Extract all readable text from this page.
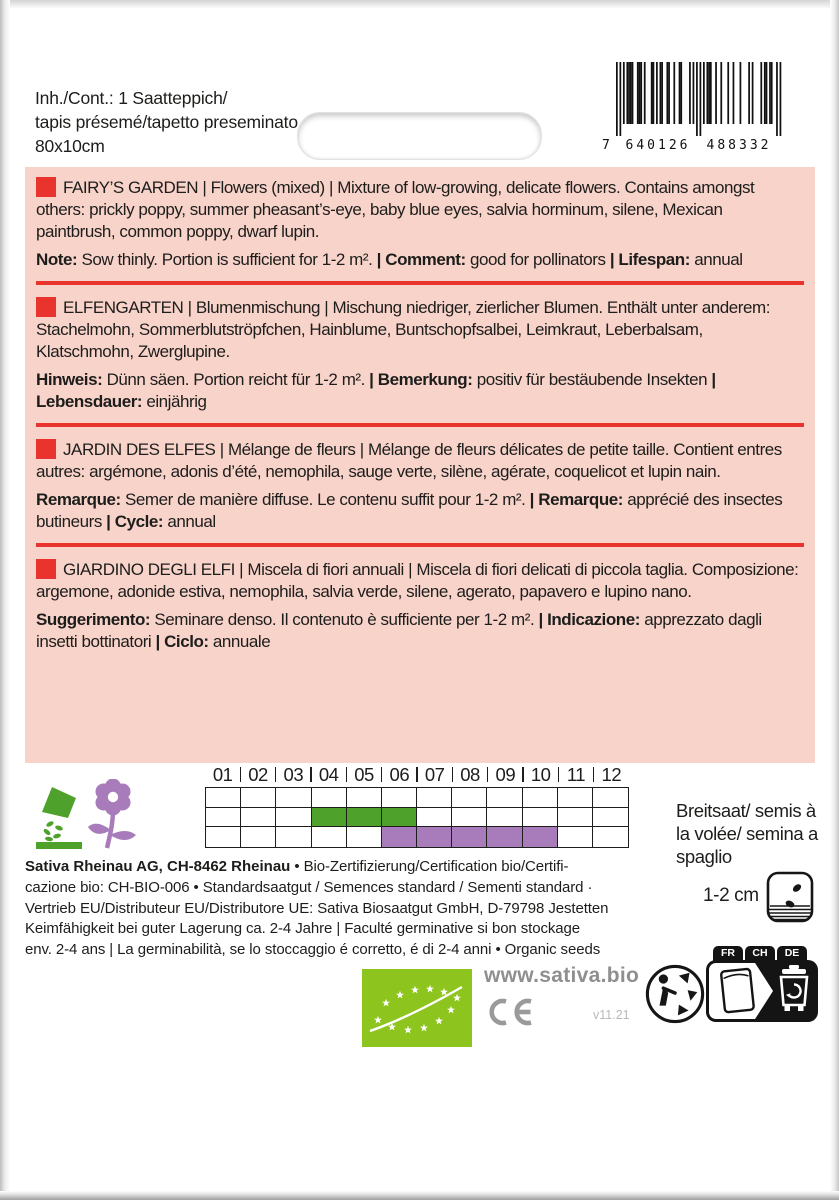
Inh./Cont.: 1 Saatteppich/
tapis présemé/tapetto preseminato
80x10cm	7 640126 488332

FAIRY’S GARDEN | Flowers (mixed) | Mixture of low-growing, delicate flowers. Contains amongst others: prickly poppy, summer pheasant’s-eye, baby blue eyes, salvia horminum, silene, Mexican paintbrush, common poppy, dwarf lupin.

Note: Sow thinly. Portion is sufficient for 1-2 m². | Comment: good for pollinators | Lifespan: annual

ELFENGARTEN | Blumenmischung | Mischung niedriger, zierlicher Blumen. Enthält unter anderem: Stachelmohn, Sommerblutströpfchen, Hainblume, Buntschopfsalbei, Leimkraut, Leberbalsam, Klatschmohn, Zwerglupine.

Hinweis: Dünn säen. Portion reicht für 1-2 m². | Bemerkung: positiv für bestäubende Insekten | Lebensdauer: einjährig

JARDIN DES ELFES | Mélange de fleurs | Mélange de fleurs délicates de petite taille. Contient entres autres: argémone, adonis d’été, nemophila, sauge verte, silène, agérate, coquelicot et lupin nain.

Remarque: Semer de manière diffuse. Le contenu suffit pour 1-2 m². | Remarque: apprécié des insectes butineurs | Cycle: annual

GIARDINO DEGLI ELFI | Miscela di fiori annuali | Miscela di fiori delicati di piccola taglia. Composizione: argemone, adonide estiva, nemophila, salvia verde, silene, agerato, papavero e lupino nano.

Suggerimento: Seminare denso. Il contenuto è sufficiente per 1-2 m². | Indicazione: apprezzato dagli insetti bottinatori | Ciclo: annuale

01 02 03 04 05 06 07 08 09 10 11 12
Breitsaat/ semis à la volée/ semina a spaglio
1-2 cm
Sativa Rheinau AG, CH-8462 Rheinau • Bio-Zertifizierung/Certification bio/Certifi-
cazione bio: CH-BIO-006 • Standardsaatgut / Semences standard / Sementi standard ·
Vertrieb EU/Distributeur EU/Distributore UE: Sativa Biosaatgut GmbH, D-79798 Jestetten
Keimfähigkeit bei guter Lagerung ca. 2-4 Jahre | Faculté germinative si bon stockage
env. 2-4 ans | La germinabilità, se lo stoccaggio é corretto, é di 2-4 anni • Organic seeds
www.sativa.bio
v11.21
FR	CH	DE
